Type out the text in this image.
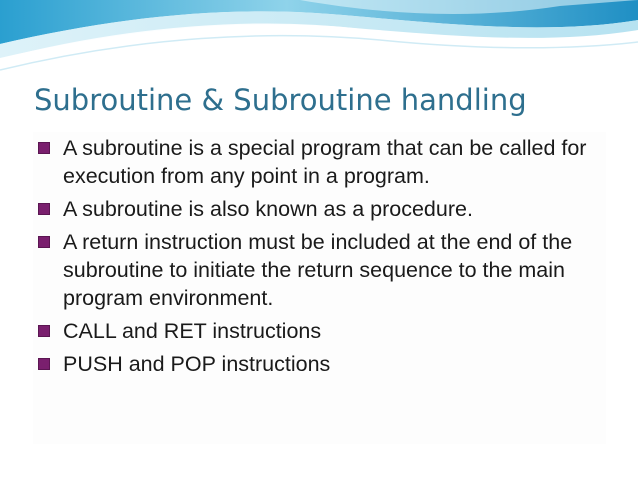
Subroutine & Subroutine handling
A subroutine is a special program that can be called for execution from any point in a program.
A subroutine is also known as a procedure.
A return instruction must be included at the end of the subroutine to initiate the return sequence to the main program environment.
CALL and RET instructions
PUSH and POP instructions
